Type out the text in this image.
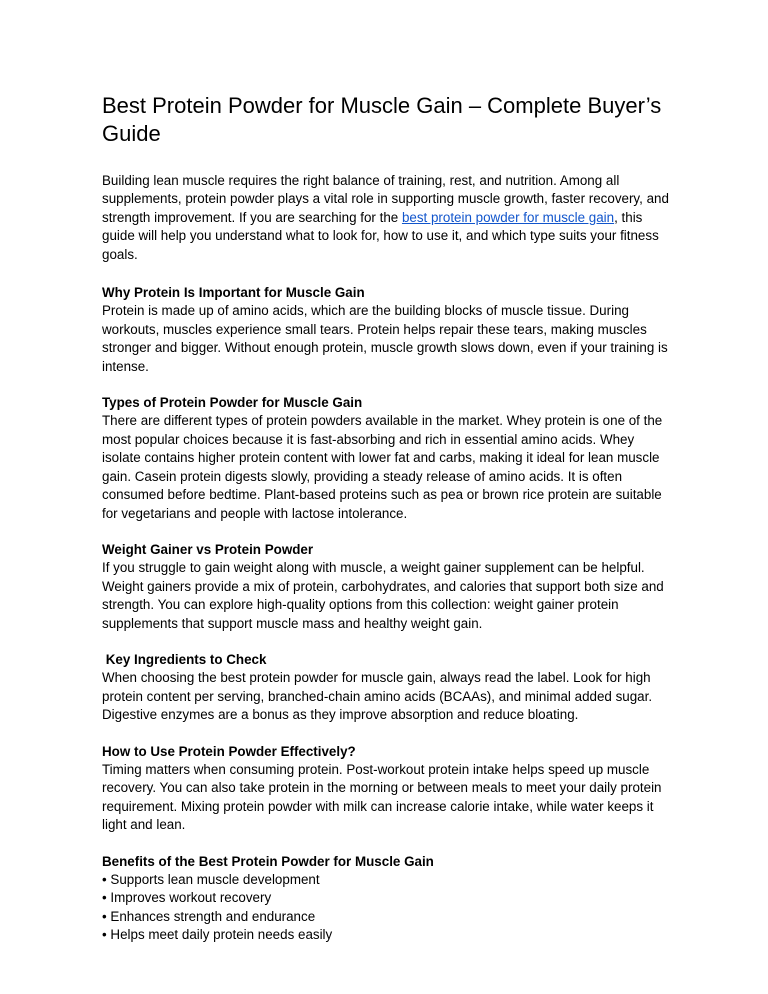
Best Protein Powder for Muscle Gain – Complete Buyer’s Guide

Building lean muscle requires the right balance of training, rest, and nutrition. Among all supplements, protein powder plays a vital role in supporting muscle growth, faster recovery, and strength improvement. If you are searching for the best protein powder for muscle gain, this guide will help you understand what to look for, how to use it, and which type suits your fitness goals.

Why Protein Is Important for Muscle Gain

Protein is made up of amino acids, which are the building blocks of muscle tissue. During workouts, muscles experience small tears. Protein helps repair these tears, making muscles stronger and bigger. Without enough protein, muscle growth slows down, even if your training is intense.

Types of Protein Powder for Muscle Gain

There are different types of protein powders available in the market. Whey protein is one of the most popular choices because it is fast-absorbing and rich in essential amino acids. Whey isolate contains higher protein content with lower fat and carbs, making it ideal for lean muscle gain. Casein protein digests slowly, providing a steady release of amino acids. It is often consumed before bedtime. Plant-based proteins such as pea or brown rice protein are suitable for vegetarians and people with lactose intolerance.

Weight Gainer vs Protein Powder

If you struggle to gain weight along with muscle, a weight gainer supplement can be helpful. Weight gainers provide a mix of protein, carbohydrates, and calories that support both size and strength. You can explore high-quality options from this collection: weight gainer protein supplements that support muscle mass and healthy weight gain.

Key Ingredients to Check

When choosing the best protein powder for muscle gain, always read the label. Look for high protein content per serving, branched-chain amino acids (BCAAs), and minimal added sugar. Digestive enzymes are a bonus as they improve absorption and reduce bloating.

How to Use Protein Powder Effectively?

Timing matters when consuming protein. Post-workout protein intake helps speed up muscle recovery. You can also take protein in the morning or between meals to meet your daily protein requirement. Mixing protein powder with milk can increase calorie intake, while water keeps it light and lean.

Benefits of the Best Protein Powder for Muscle Gain

• Supports lean muscle development
• Improves workout recovery
• Enhances strength and endurance
• Helps meet daily protein needs easily
